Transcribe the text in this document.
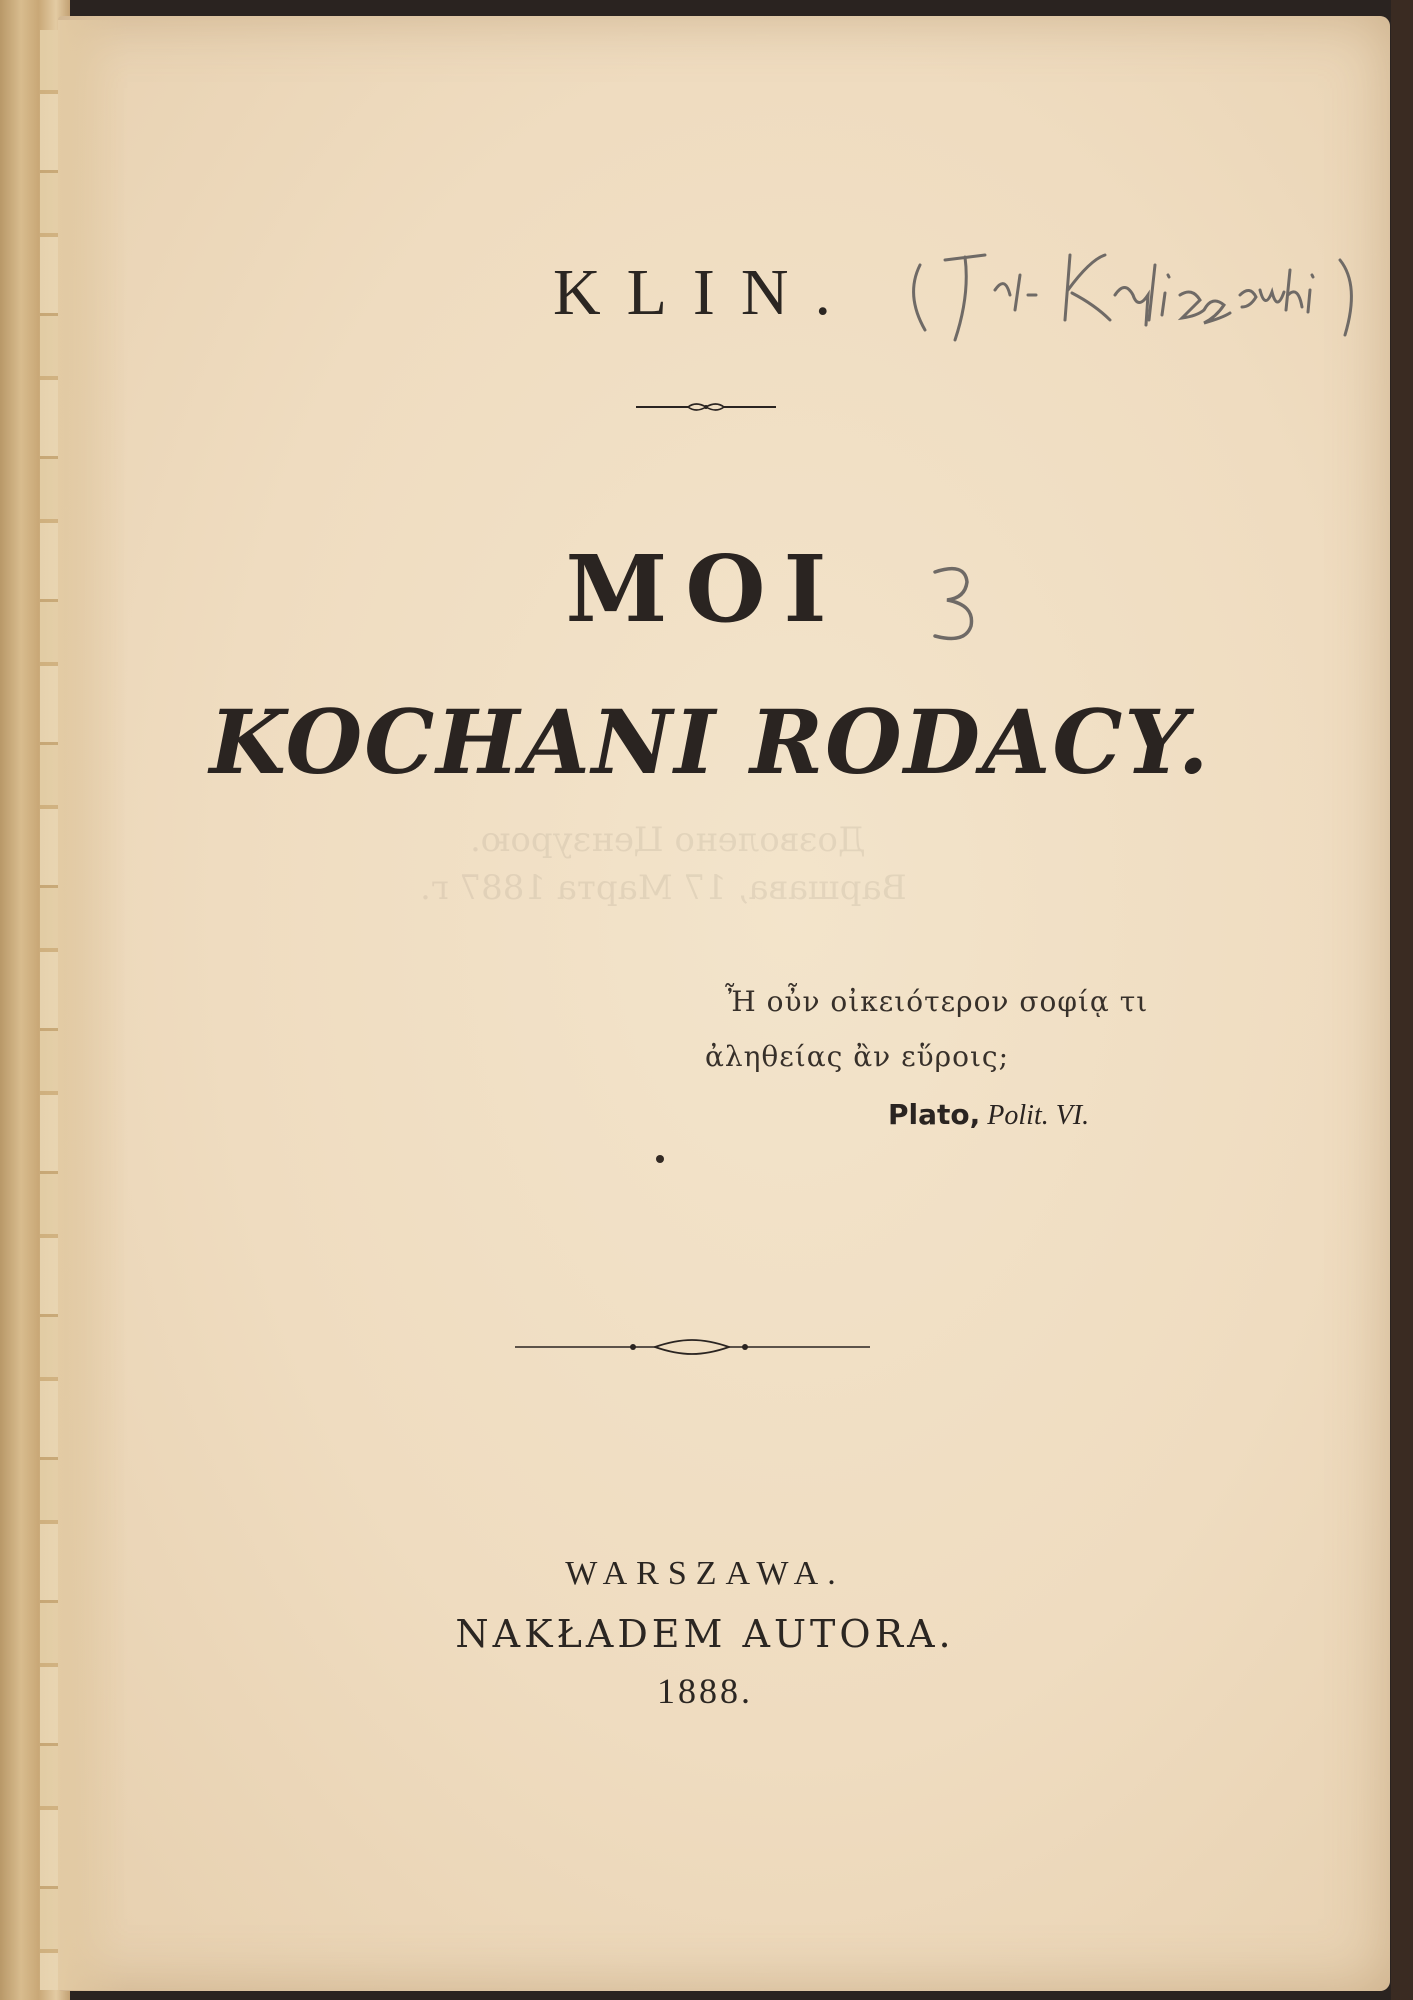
KLIN.
MOI
KOCHANI RODACY.
Дозволено Цензурою.
Варшава, 17 Марта 1887 г.
Ἦ οὖν οἰκειότερον σοφίᾳ τι
ἀληθείας ἂν εὕροις;
Plato, Polit. VI.
WARSZAWA.
NAKŁADEM AUTORA.
1888.
